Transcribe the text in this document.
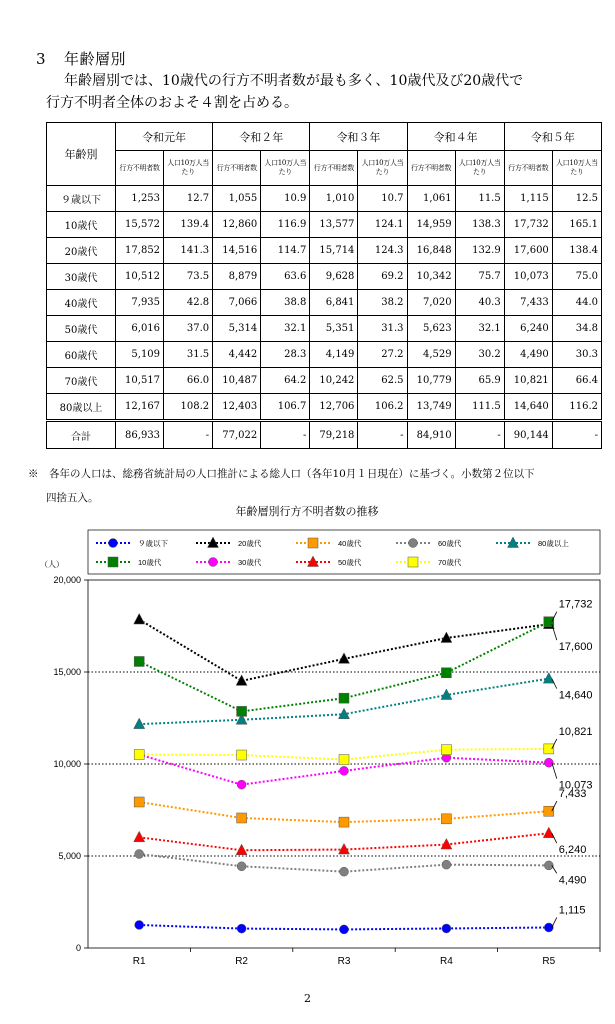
3 年齢層別

年齢層別では、10歳代の行方不明者数が最も多く、10歳代及び20歳代で

行方不明者全体のおよそ４割を占める。

年齢別	令和元年		令和２年		令和３年		令和４年		令和５年	
	行方不明者数	人口10万人当たり	行方不明者数	人口10万人当たり	行方不明者数	人口10万人当たり	行方不明者数	人口10万人当たり	行方不明者数	人口10万人当たり
９歳以下	1,253	12.7	1,055	10.9	1,010	10.7	1,061	11.5	1,115	12.5
10歳代	15,572	139.4	12,860	116.9	13,577	124.1	14,959	138.3	17,732	165.1
20歳代	17,852	141.3	14,516	114.7	15,714	124.3	16,848	132.9	17,600	138.4
30歳代	10,512	73.5	8,879	63.6	9,628	69.2	10,342	75.7	10,073	75.0
40歳代	7,935	42.8	7,066	38.8	6,841	38.2	7,020	40.3	7,433	44.0
50歳代	6,016	37.0	5,314	32.1	5,351	31.3	5,623	32.1	6,240	34.8
60歳代	5,109	31.5	4,442	28.3	4,149	27.2	4,529	30.2	4,490	30.3
70歳代	10,517	66.0	10,487	64.2	10,242	62.5	10,779	65.9	10,821	66.4
80歳以上	12,167	108.2	12,403	106.7	12,706	106.2	13,749	111.5	14,640	116.2
合計	86,933	-	77,022	-	79,218	-	84,910	-	90,144	-

※　各年の人口は、総務省統計局の人口推計による総人口（各年10月１日現在）に基づく。小数第２位以下

四捨五入。

年齢層別行方不明者数の推移
９歳以下	20歳代	40歳代	60歳代	80歳以上
10歳代	30歳代	50歳代	70歳代
（人）
0
5,000
10,000
15,000
20,000
R1	R2	R3	R4	R5
17,732
17,600
14,640
10,821
10,073
7,433
6,240
4,490
1,115
2
